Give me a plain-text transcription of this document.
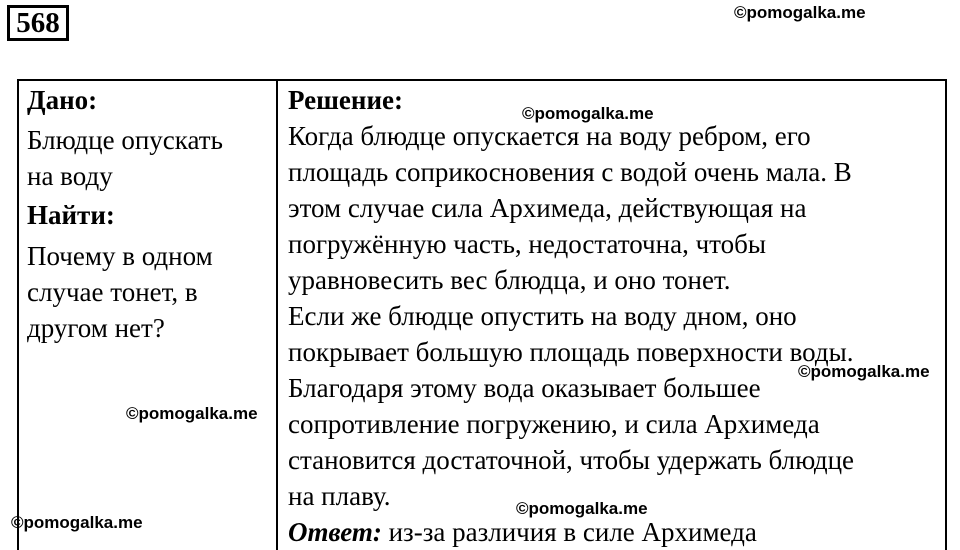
568	©pomogalka.me
©pomogalka.me
©pomogalka.me
©pomogalka.me
©pomogalka.me
©pomogalka.me
Дано:
Блюдце опускать
на воду
Найти:
Почему в одном
случае тонет, в
другом нет?
Решение:

Когда блюдце опускается на воду ребром, его

площадь соприкосновения с водой очень мала. В

этом случае сила Архимеда, действующая на

погружённую часть, недостаточна, чтобы

уравновесить вес блюдца, и оно тонет.

Если же блюдце опустить на воду дном, оно

покрывает большую площадь поверхности воды.

Благодаря этому вода оказывает большее

сопротивление погружению, и сила Архимеда

становится достаточной, чтобы удержать блюдце

на плаву.

Ответ: из-за различия в силе Архимеда
